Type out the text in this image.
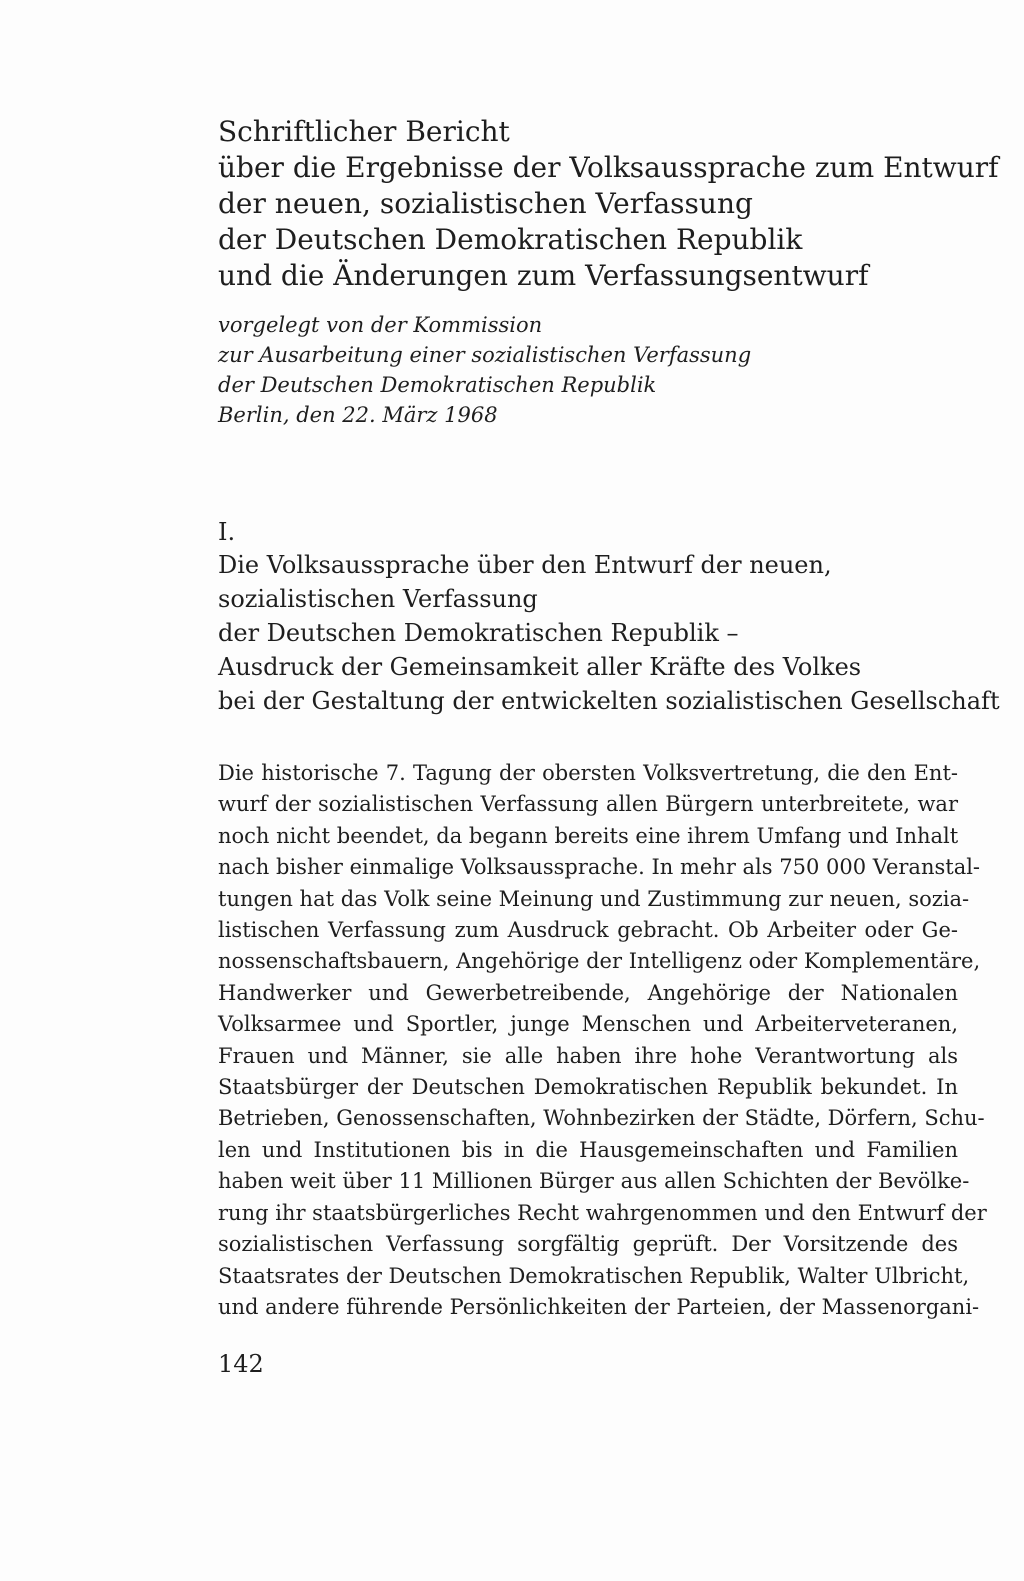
Schriftlicher Bericht
über die Ergebnisse der Volksaussprache zum Entwurf
der neuen, sozialistischen Verfassung
der Deutschen Demokratischen Republik
und die Änderungen zum Verfassungsentwurf
vorgelegt von der Kommission
zur Ausarbeitung einer sozialistischen Verfassung
der Deutschen Demokratischen Republik
Berlin, den 22. März 1968
I.
Die Volksaussprache über den Entwurf der neuen,
sozialistischen Verfassung
der Deutschen Demokratischen Republik –
Ausdruck der Gemeinsamkeit aller Kräfte des Volkes
bei der Gestaltung der entwickelten sozialistischen Gesellschaft
Die historische 7. Tagung der obersten Volksvertretung, die den Ent-
wurf der sozialistischen Verfassung allen Bürgern unterbreitete, war
noch nicht beendet, da begann bereits eine ihrem Umfang und Inhalt
nach bisher einmalige Volksaussprache. In mehr als 750 000 Veranstal-
tungen hat das Volk seine Meinung und Zustimmung zur neuen, sozia-
listischen Verfassung zum Ausdruck gebracht. Ob Arbeiter oder Ge-
nossenschaftsbauern, Angehörige der Intelligenz oder Komplementäre,
Handwerker und Gewerbetreibende, Angehörige der Nationalen
Volksarmee und Sportler, junge Menschen und Arbeiterveteranen,
Frauen und Männer, sie alle haben ihre hohe Verantwortung als
Staatsbürger der Deutschen Demokratischen Republik bekundet. In
Betrieben, Genossenschaften, Wohnbezirken der Städte, Dörfern, Schu-
len und Institutionen bis in die Hausgemeinschaften und Familien
haben weit über 11 Millionen Bürger aus allen Schichten der Bevölke-
rung ihr staatsbürgerliches Recht wahrgenommen und den Entwurf der
sozialistischen Verfassung sorgfältig geprüft. Der Vorsitzende des
Staatsrates der Deutschen Demokratischen Republik, Walter Ulbricht,
und andere führende Persönlichkeiten der Parteien, der Massenorgani-
142
